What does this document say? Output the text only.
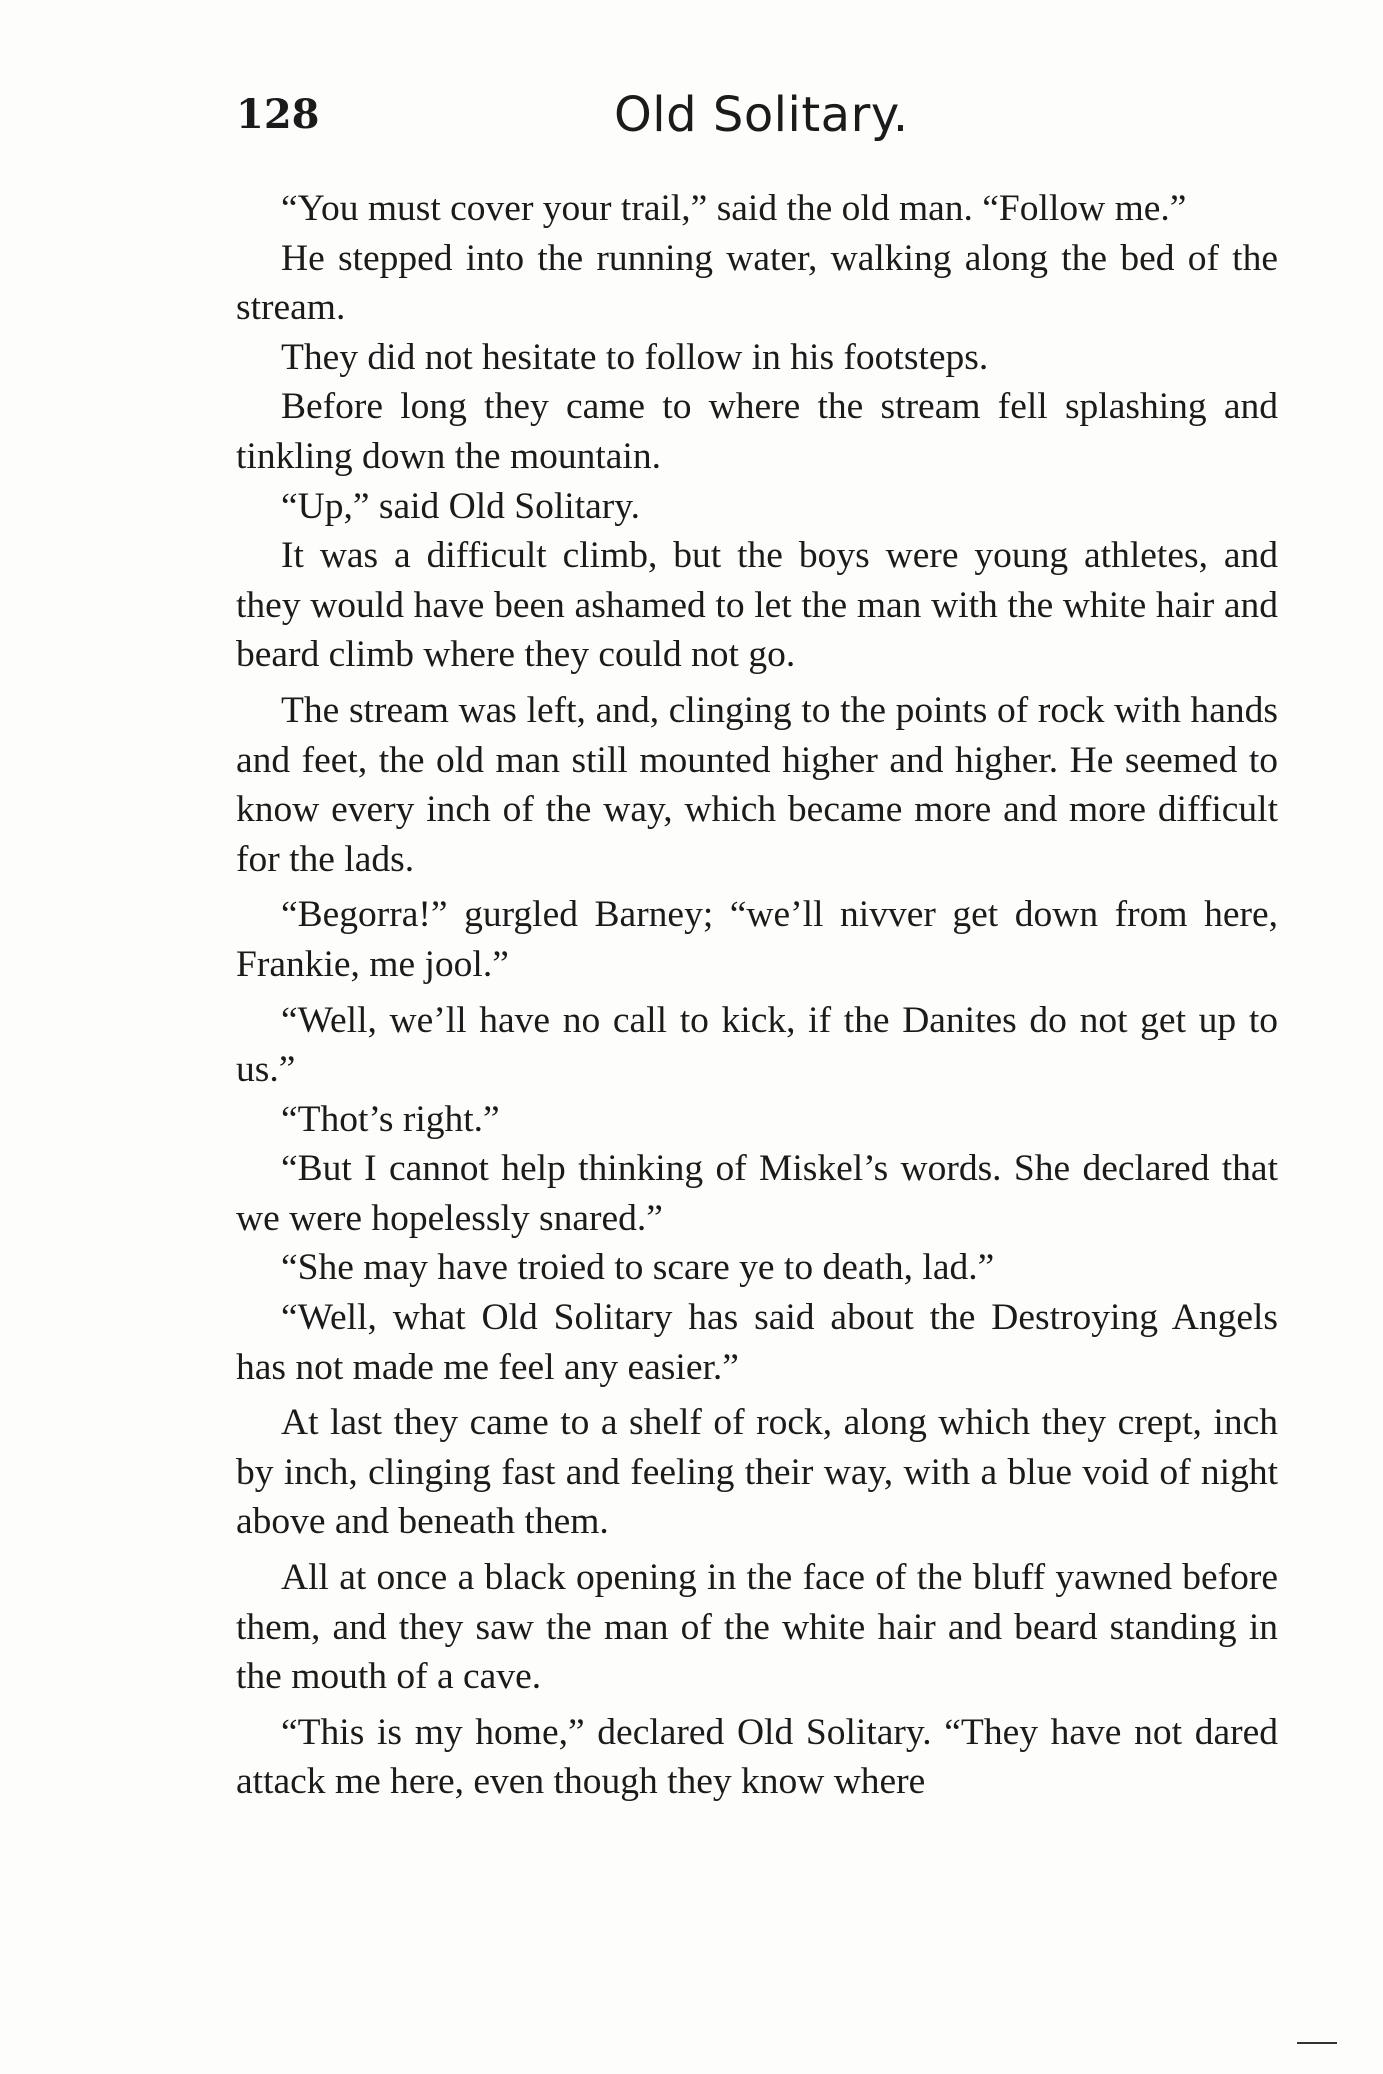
128	Old Solitary.

“You must cover your trail,” said the old man. “Follow me.”

He stepped into the running water, walking along the bed of the stream.

They did not hesitate to follow in his footsteps.

Before long they came to where the stream fell splashing and tinkling down the mountain.

“Up,” said Old Solitary.

It was a difficult climb, but the boys were young athletes, and they would have been ashamed to let the man with the white hair and beard climb where they could not go.

The stream was left, and, clinging to the points of rock with hands and feet, the old man still mounted higher and higher. He seemed to know every inch of the way, which became more and more difficult for the lads.

“Begorra!” gurgled Barney; “we’ll nivver get down from here, Frankie, me jool.”

“Well, we’ll have no call to kick, if the Danites do not get up to us.”

“Thot’s right.”

“But I cannot help thinking of Miskel’s words. She declared that we were hopelessly snared.”

“She may have troied to scare ye to death, lad.”

“Well, what Old Solitary has said about the Destroying Angels has not made me feel any easier.”

At last they came to a shelf of rock, along which they crept, inch by inch, clinging fast and feeling their way, with a blue void of night above and beneath them.

All at once a black opening in the face of the bluff yawned before them, and they saw the man of the white hair and beard standing in the mouth of a cave.

“This is my home,” declared Old Solitary. “They have not dared attack me here, even though they know where
